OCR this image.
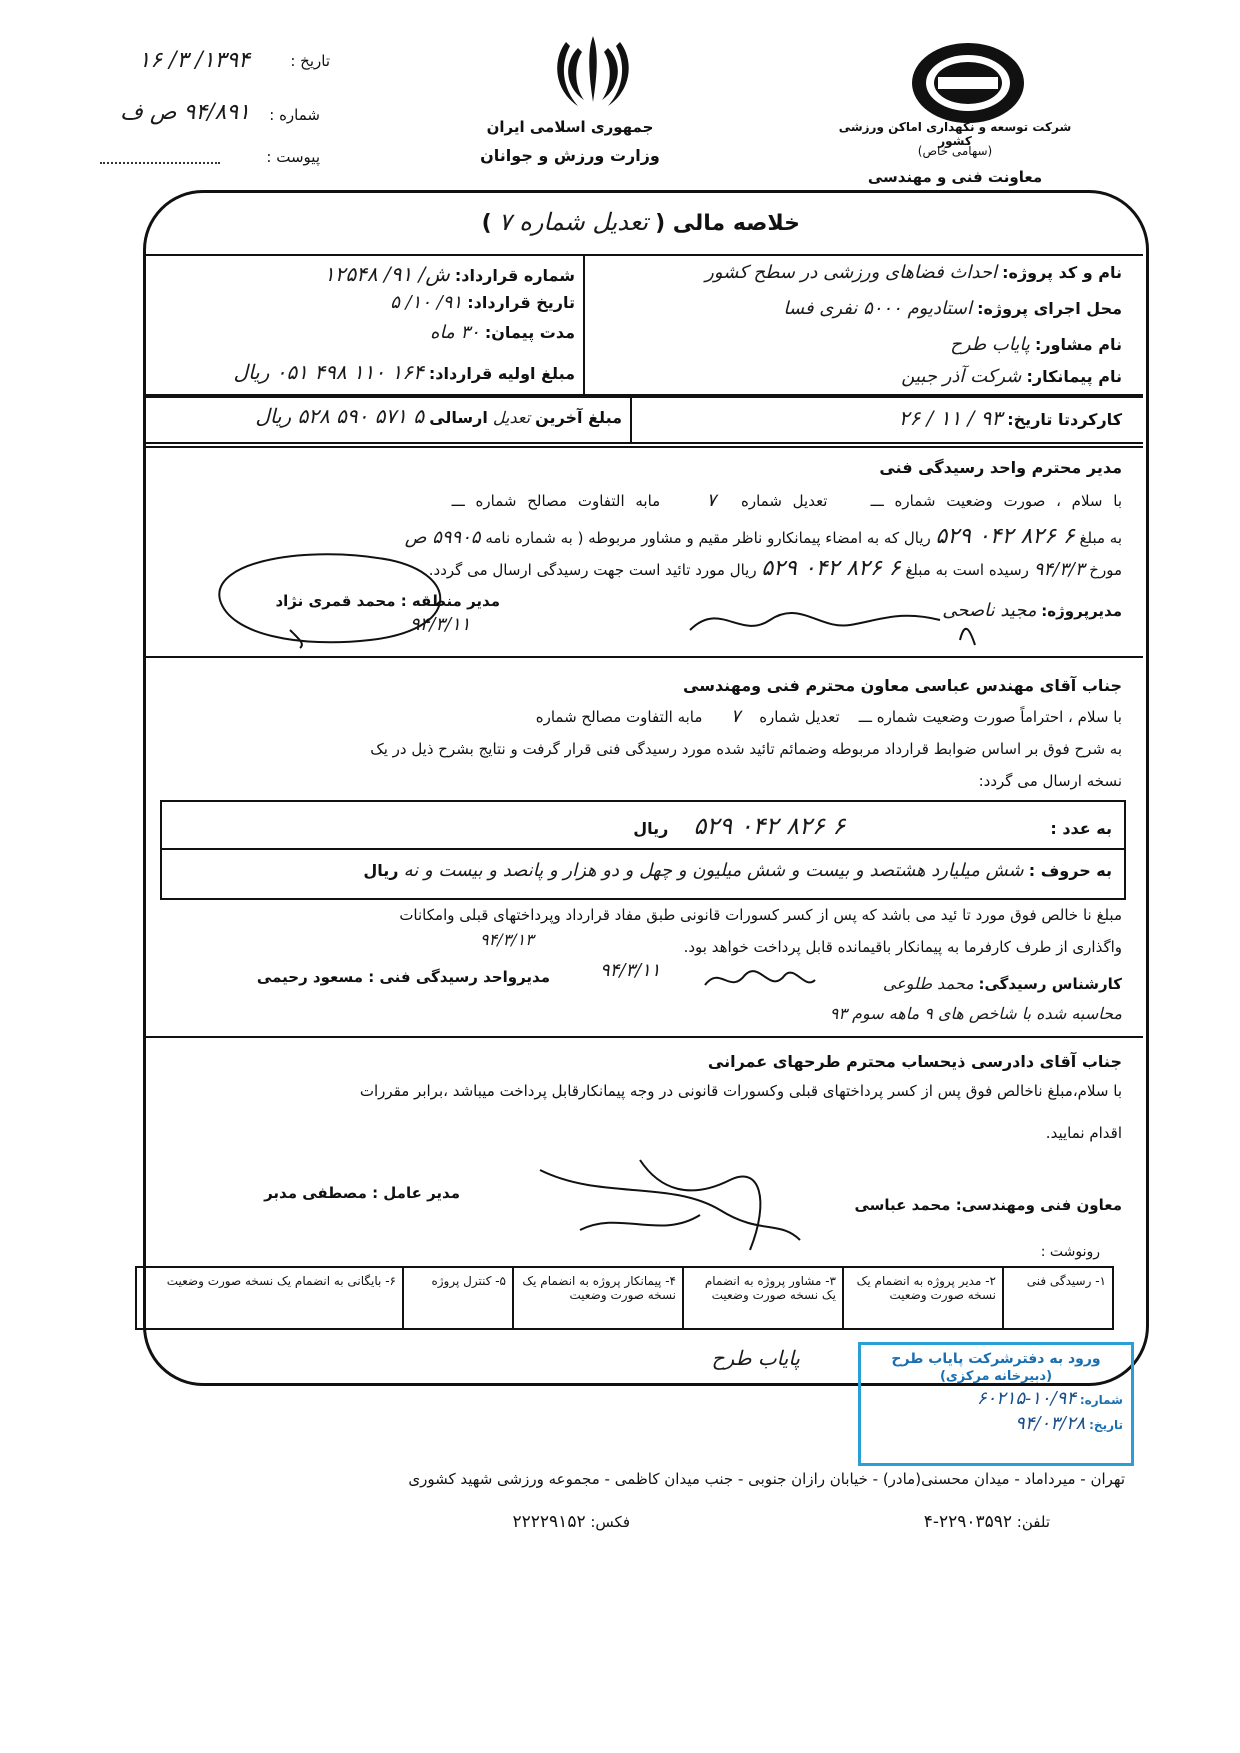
تاریخ :
۱۳۹۴/ ۳/ ۱۶
شماره :
۹۴/۸۹۱ ص ف
پیوست :
جمهوری اسلامی ایران
وزارت ورزش و جوانان
شرکت توسعه و نگهداری اماکن ورزشی کشور
(سهامی خاص)
معاونت فنی و مهندسی
خلاصه مالی ( تعدیل شماره ۷ )
نام و کد پروژه: احداث فضاهای ورزشی در سطح کشور
محل اجرای پروژه: استادیوم ۵۰۰۰ نفری فسا
نام مشاور: پایاب طرح
نام پیمانکار: شرکت آذر جبین
شماره قرارداد: ش/ ۹۱/ ۱۲۵۴۸
تاریخ قرارداد: ۹۱/ ۱۰/ ۵
مدت پیمان: ۳۰ ماه
مبلغ اولیه قرارداد: ۱۶۴ ۱۱۰ ۴۹۸ ۰۵۱ ریال
کارکردتا تاریخ: ۹۳ / ۱۱ / ۲۶
مبلغ آخرین تعدیل ارسالی ۵ ۵۷۱ ۵۹۰ ۵۲۸ ریال
مدیر محترم واحد رسیدگی فنی
با سلام ، صورت وضعیت شماره ـــ    تعدیل شماره ۷   مابه التفاوت مصالح شماره ـــ
به مبلغ ۶ ۸۲۶ ۰۴۲ ۵۲۹ ریال که به امضاء پیمانکارو ناظر مقیم و مشاور مربوطه ( به شماره نامه ۵۹۹۰۵ ص
مورخ ۹۴/۳/۳ رسیده است به مبلغ ۶ ۸۲۶ ۰۴۲ ۵۲۹ ریال مورد تائید است جهت رسیدگی ارسال می گردد.
مدیر منطقه : محمد قمری نژاد
مدیرپروژه: مجید ناصحی
۹۴/۳/۱۱
جناب آقای مهندس عباسی معاون محترم فنی ومهندسی
با سلام ، احتراماً صورت وضعیت شماره ـــ    تعدیل شماره ۷   مابه التفاوت مصالح شماره
به شرح فوق بر اساس ضوابط قرارداد مربوطه وضمائم تائید شده مورد رسیدگی فنی قرار گرفت و نتایج بشرح ذیل در یک
نسخه ارسال می گردد:
به عدد : ۶ ۸۲۶ ۰۴۲ ۵۲۹ ریال
به حروف : شش میلیارد هشتصد و بیست و شش میلیون و چهل و دو هزار و پانصد و بیست و نه ریال
مبلغ نا خالص فوق مورد تا ئید می باشد که پس از کسر کسورات قانونی طبق مفاد قرارداد وپرداختهای قبلی وامکانات
واگذاری از طرف کارفرما به پیمانکار باقیمانده قابل پرداخت خواهد بود.
۹۴/۳/۱۳
کارشناس رسیدگی: محمد طلوعی
مدیرواحد رسیدگی فنی : مسعود رحیمی	۹۴/۳/۱۱
محاسبه شده با شاخص های ۹ ماهه سوم ۹۳
جناب آقای دادرسی ذیحساب محترم طرحهای عمرانی
با سلام،مبلغ ناخالص فوق پس از کسر پرداختهای قبلی وکسورات قانونی در وجه پیمانکارقابل پرداخت میباشد ،برابر مقررات
اقدام نمایید.
معاون فنی ومهندسی: محمد عباسی
مدیر عامل : مصطفی مدبر
رونوشت :
۱- رسیدگی فنی
۲- مدیر پروژه به انضمام یک نسخه صورت وضعیت
۳- مشاور پروژه به انضمام یک نسخه صورت وضعیت
۴- پیمانکار پروژه به انضمام یک نسخه صورت وضعیت
۵- کنترل پروژه
۶- بایگانی به انضمام یک نسخه صورت وضعیت
ورود به دفترشرکت پایاب طرح
(دبیرخانه مرکزی)
شماره: ۱۰/۹۴-۶۰۲۱۵
تاریخ: ۹۴/۰۳/۲۸
پایاب طرح
تهران - میرداماد - میدان محسنی(مادر) - خیابان رازان جنوبی - جنب میدان کاظمی - مجموعه ورزشی شهید کشوری
تلفن: ۲۲۹۰۳۵۹۲-۴
فکس: ۲۲۲۲۹۱۵۲
